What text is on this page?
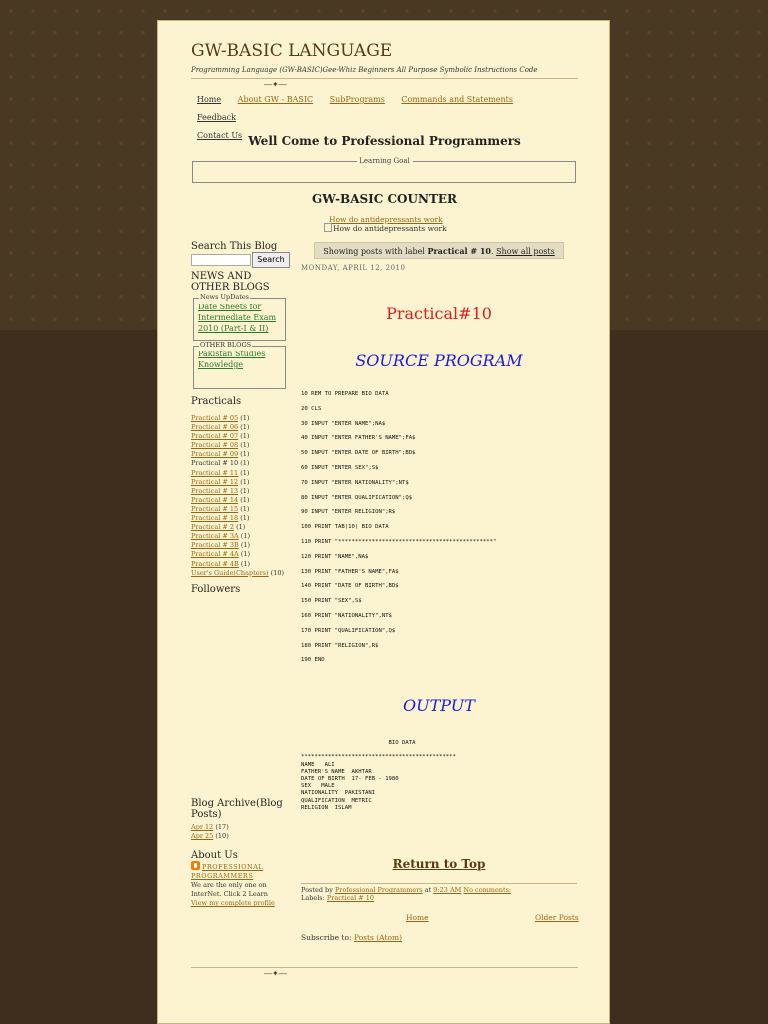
GW-BASIC LANGUAGE
Programming Language (GW-BASIC)Gee-Whiz Beginners All Purpose Symbolic Instructions Code
Home About GW - BASIC SubPrograms Commands and Statements Feedback
Contact Us Well Come to Professional Programmers
Learning Goal
GW-BASIC COUNTER
How do antidepressants work
How do antidepressants work
Search This Blog
Search
NEWS AND OTHER BLOGS
News UpDates
Date Sheets for Intermediate Exam 2010 (Part-I & II)
OTHER BLOGS
Pakistan Studies Knowledge
Practicals
Practical # 05 (1)
Practical # 06 (1)
Practical # 07 (1)
Practical # 08 (1)
Practical # 09 (1)
Practical # 10 (1)
Practical # 11 (1)
Practical # 12 (1)
Practical # 13 (1)
Practical # 14 (1)
Practical # 15 (1)
Practical # 18 (1)
Practical # 2 (1)
Practical # 3A (1)
Practical # 3B (1)
Practical # 4A (1)
Practical # 4B (1)
User's Guide(Chapters) (10)
Followers
Blog Archive(Blog Posts)
Apr 12 (17)
Apr 25 (10)
About Us
PROFESSIONAL PROGRAMMERS
We are the only one on InterNet. Click 2 Learn
View my complete profile
Showing posts with label Practical # 10. Show all posts
MONDAY, APRIL 12, 2010
Practical#10
SOURCE PROGRAM
10 REM TO PREPARE BIO DATA
20 CLS
30 INPUT "ENTER NAME";NA$
40 INPUT "ENTER FATHER'S NAME";FA$
50 INPUT "ENTER DATE OF BIRTH";BD$
60 INPUT "ENTER SEX";S$
70 INPUT "ENTER NATIONALITY";NT$
80 INPUT "ENTER QUALIFICATION";Q$
90 INPUT "ENTER RELIGION";R$
100 PRINT TAB(10) BIO DATA
110 PRINT "**********************************************"
120 PRINT "NAME",NA$
130 PRINT "FATHER'S NAME",FA$
140 PRINT "DATE OF BIRTH",BD$
150 PRINT "SEX",S$
160 PRINT "NATIONALITY",NT$
170 PRINT "QUALIFICATION",Q$
180 PRINT "RELIGION",R$
190 END
OUTPUT
BIO DATA

**********************************************
NAME   ALI
FATHER'S NAME  AKHTAR
DATE OF BIRTH  17- FEB - 1980
SEX   MALE
NATIONALITY  PAKISTANI
QUALIFICATION  METRIC
RELIGION  ISLAM
Return to Top
Posted by Professional Programmers at 9:23 AM No comments:
Labels: Practical # 10
Home	Older Posts
Subscribe to: Posts (Atom)
―✦―
―✦―
